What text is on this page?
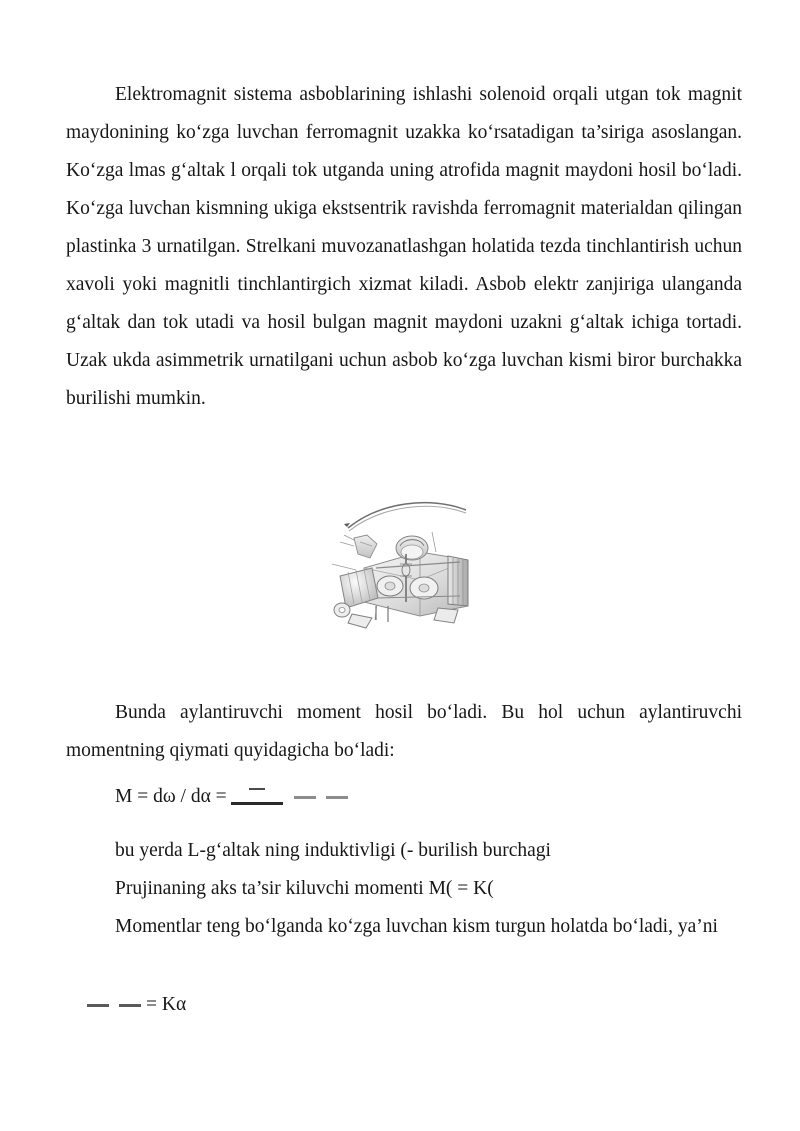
Elektromagnit sistema asboblarining ishlashi solenoid orqali utgan tok magnit maydonining ko‘zga luvchan ferromagnit uzakka ko‘rsatadigan ta’siriga asoslangan. Ko‘zga lmas g‘altak l orqali tok utganda uning atrofida magnit maydoni hosil bo‘ladi. Ko‘zga luvchan kismning ukiga ekstsentrik ravishda ferromagnit materialdan qilingan plastinka 3 urnatilgan. Strelkani muvozanatlashgan holatida tezda tinchlantirish uchun xavoli yoki magnitli tinchlantirgich xizmat kiladi. Asbob elektr zanjiriga ulanganda g‘altak dan tok utadi va hosil bulgan magnit maydoni uzakni g‘altak ichiga tortadi. Uzak ukda asimmetrik urnatilgani uchun asbob ko‘zga luvchan kismi biror burchakka burilishi mumkin.

Bunda aylantiruvchi moment hosil bo‘ladi. Bu hol uchun aylantiruvchi momentning qiymati quyidagicha bo‘ladi:

M = dω / dα =
bu yerda L-g‘altak ning induktivligi (- burilish burchagi
Prujinaning aks ta’sir kiluvchi momenti M( = K(

Momentlar teng bo‘lganda ko‘zga luvchan kism turgun holatda bo‘ladi, ya’ni

= Kα
